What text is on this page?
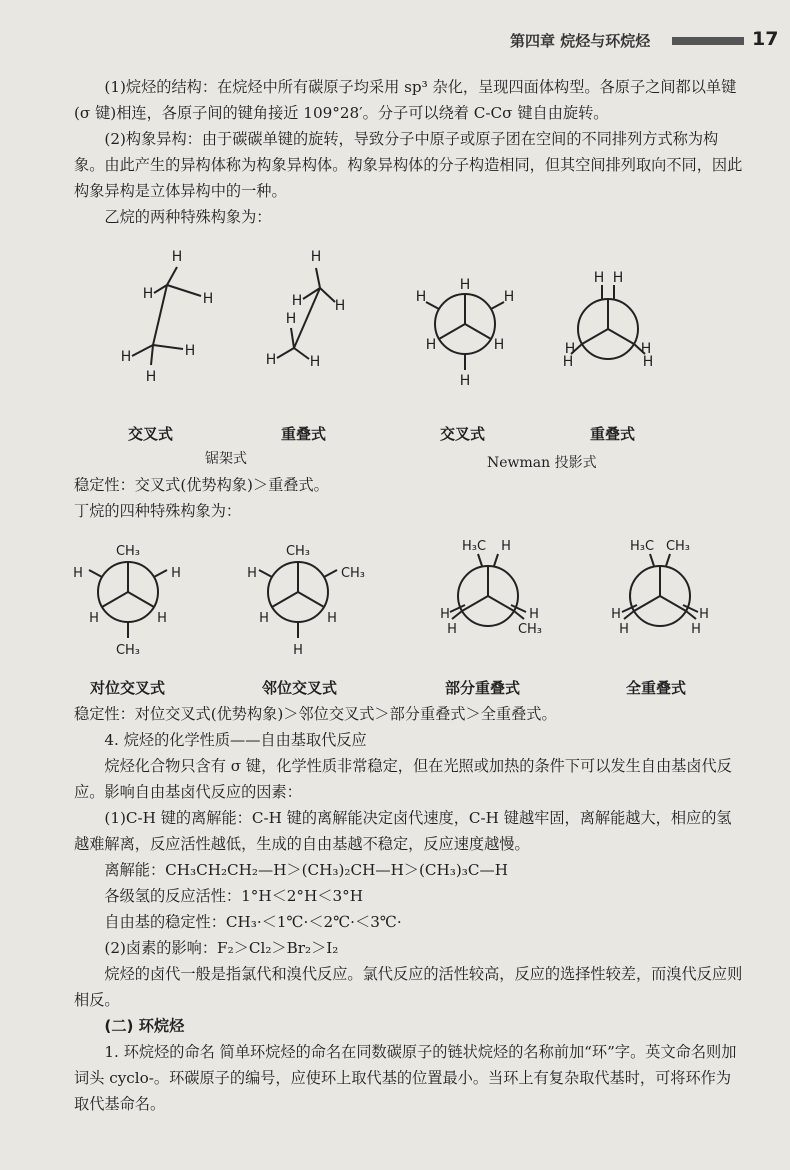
第四章 烷烃与环烷烃	17

(1)烷烃的结构：在烷烃中所有碳原子均采用 sp³ 杂化，呈现四面体构型。各原子之间都以单键(σ 键)相连，各原子间的键角接近 109°28′。分子可以绕着 C-Cσ 键自由旋转。

(2)构象异构：由于碳碳单键的旋转，导致分子中原子或原子团在空间的不同排列方式称为构象。由此产生的异构体称为构象异构体。构象异构体的分子构造相同，但其空间排列取向不同，因此构象异构是立体异构中的一种。

乙烷的两种特殊构象为：

H
H	H
H	H
H
H
H H
H
H H
H
H	H
H	H
H
H H
H
H
H
H
交叉式	重叠式	交叉式	重叠式
锯架式	Newman 投影式

稳定性：交叉式(优势构象)＞重叠式。

丁烷的四种特殊构象为：

CH₃
H	H
H	H
CH₃
CH₃
H	CH₃
H	H
H
H₃C H
H
H
H
CH₃
H₃C CH₃
H
H
H
H
对位交叉式	邻位交叉式	部分重叠式	全重叠式

稳定性：对位交叉式(优势构象)＞邻位交叉式＞部分重叠式＞全重叠式。

4. 烷烃的化学性质——自由基取代反应

烷烃化合物只含有 σ 键，化学性质非常稳定，但在光照或加热的条件下可以发生自由基卤代反应。影响自由基卤代反应的因素：

(1)C-H 键的离解能：C-H 键的离解能决定卤代速度，C-H 键越牢固，离解能越大，相应的氢越难解离，反应活性越低，生成的自由基越不稳定，反应速度越慢。

离解能：CH₃CH₂CH₂—H＞(CH₃)₂CH—H＞(CH₃)₃C—H

各级氢的反应活性：1°H＜2°H＜3°H

自由基的稳定性：CH₃·＜1℃·＜2℃·＜3℃·

(2)卤素的影响：F₂＞Cl₂＞Br₂＞I₂

烷烃的卤代一般是指氯代和溴代反应。氯代反应的活性较高，反应的选择性较差，而溴代反应则相反。

(二) 环烷烃

1. 环烷烃的命名 简单环烷烃的命名在同数碳原子的链状烷烃的名称前加“环”字。英文命名则加词头 cyclo-。环碳原子的编号，应使环上取代基的位置最小。当环上有复杂取代基时，可将环作为取代基命名。
